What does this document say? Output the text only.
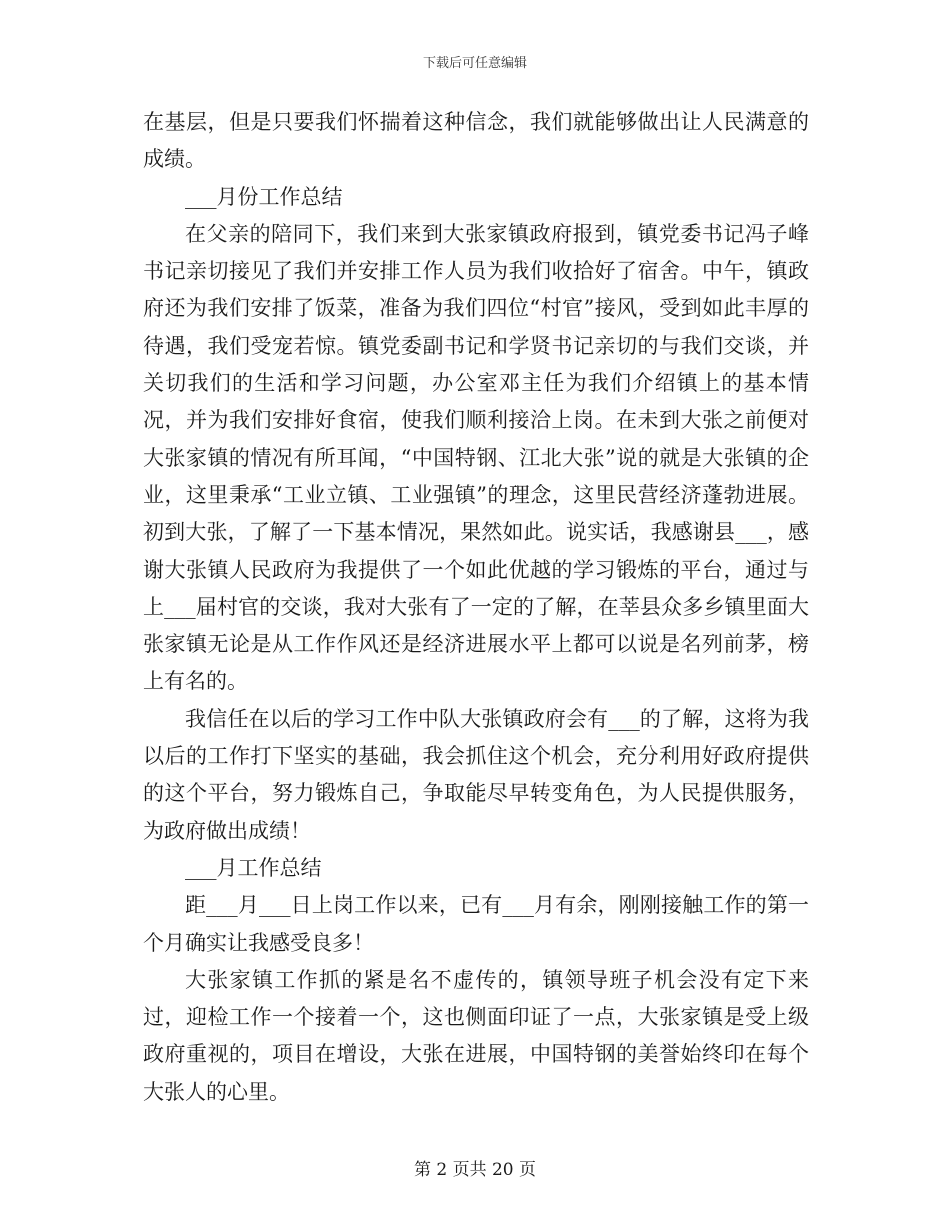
下载后可任意编辑

在基层，但是只要我们怀揣着这种信念，我们就能够做出让人民满意的成绩。

___月份工作总结

在父亲的陪同下，我们来到大张家镇政府报到，镇党委书记冯子峰书记亲切接见了我们并安排工作人员为我们收拾好了宿舍。中午，镇政府还为我们安排了饭菜，准备为我们四位“村官”接风，受到如此丰厚的待遇，我们受宠若惊。镇党委副书记和学贤书记亲切的与我们交谈，并关切我们的生活和学习问题，办公室邓主任为我们介绍镇上的基本情况，并为我们安排好食宿，使我们顺利接洽上岗。在未到大张之前便对大张家镇的情况有所耳闻，“中国特钢、江北大张”说的就是大张镇的企业，这里秉承“工业立镇、工业强镇”的理念，这里民营经济蓬勃进展。初到大张，了解了一下基本情况，果然如此。说实话，我感谢县___，感谢大张镇人民政府为我提供了一个如此优越的学习锻炼的平台，通过与上___届村官的交谈，我对大张有了一定的了解，在莘县众多乡镇里面大张家镇无论是从工作作风还是经济进展水平上都可以说是名列前茅，榜上有名的。

我信任在以后的学习工作中队大张镇政府会有___的了解，这将为我以后的工作打下坚实的基础，我会抓住这个机会，充分利用好政府提供的这个平台，努力锻炼自己，争取能尽早转变角色，为人民提供服务，为政府做出成绩！

___月工作总结

距___月___日上岗工作以来，已有___月有余，刚刚接触工作的第一个月确实让我感受良多！

大张家镇工作抓的紧是名不虚传的，镇领导班子机会没有定下来过，迎检工作一个接着一个，这也侧面印证了一点，大张家镇是受上级政府重视的，项目在增设，大张在进展，中国特钢的美誉始终印在每个大张人的心里。

第 2 页共 20 页
